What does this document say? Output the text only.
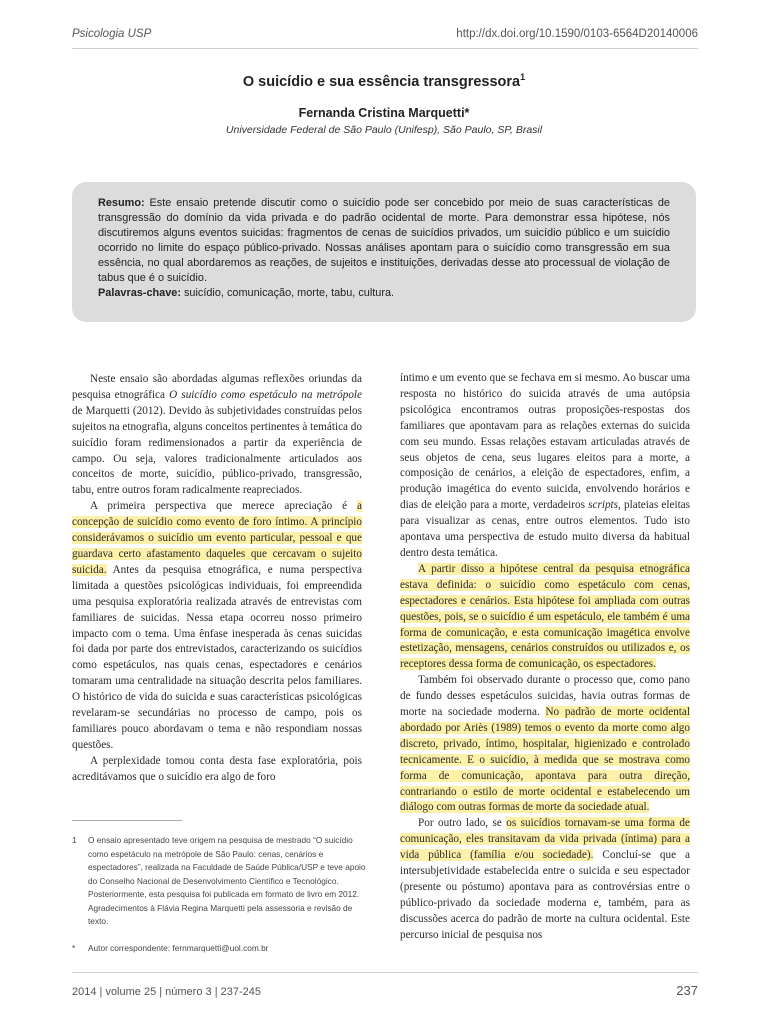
Psicologia USP	http://dx.doi.org/10.1590/0103-6564D20140006
O suicídio e sua essência transgressora$^1$
Fernanda Cristina Marquetti*
Universidade Federal de São Paulo (Unifesp), São Paulo, SP, Brasil
Resumo: Este ensaio pretende discutir como o suicídio pode ser concebido por meio de suas características de transgressão do domínio da vida privada e do padrão ocidental de morte. Para demonstrar essa hipótese, nós discutiremos alguns eventos suicidas: fragmentos de cenas de suicídios privados, um suicídio público e um suicídio ocorrido no limite do espaço público-privado. Nossas análises apontam para o suicídio como transgressão em sua essência, no qual abordaremos as reações, de sujeitos e instituições, derivadas desse ato processual de violação de tabus que é o suicídio.
Palavras-chave: suicídio, comunicação, morte, tabu, cultura.

Neste ensaio são abordadas algumas reflexões oriundas da pesquisa etnográfica O suicídio como espetáculo na metrópole de Marquetti (2012). Devido às subjetividades construídas pelos sujeitos na etnografia, alguns conceitos pertinentes à temática do suicídio foram redimensionados a partir da experiência de campo. Ou seja, valores tradicionalmente articulados aos conceitos de morte, suicídio, público-privado, transgressão, tabu, entre outros foram radicalmente reapreciados.

A primeira perspectiva que merece apreciação é a concepção de suicídio como evento de foro íntimo. A princípio considerávamos o suicídio um evento particular, pessoal e que guardava certo afastamento daqueles que cercavam o sujeito suicida. Antes da pesquisa etnográfica, e numa perspectiva limitada a questões psicológicas individuais, foi empreendida uma pesquisa exploratória realizada através de entrevistas com familiares de suicidas. Nessa etapa ocorreu nosso primeiro impacto com o tema. Uma ênfase inesperada às cenas suicidas foi dada por parte dos entrevistados, caracterizando os suicídios como espetáculos, nas quais cenas, espectadores e cenários tomaram uma centralidade na situação descrita pelos familiares. O histórico de vida do suicida e suas características psicológicas revelaram-se secundárias no processo de campo, pois os familiares pouco abordavam o tema e não respondiam nossas questões.

A perplexidade tomou conta desta fase exploratória, pois acreditávamos que o suicídio era algo de foro

íntimo e um evento que se fechava em si mesmo. Ao buscar uma resposta no histórico do suicida através de uma autópsia psicológica encontramos outras proposições-respostas dos familiares que apontavam para as relações externas do suicida com seu mundo. Essas relações estavam articuladas através de seus objetos de cena, seus lugares eleitos para a morte, a composição de cenários, a eleição de espectadores, enfim, a produção imagética do evento suicida, envolvendo horários e dias de eleição para a morte, verdadeiros scripts, plateias eleitas para visualizar as cenas, entre outros elementos. Tudo isto apontava uma perspectiva de estudo muito diversa da habitual dentro desta temática.

A partir disso a hipótese central da pesquisa etnográfica estava definida: o suicídio como espetáculo com cenas, espectadores e cenários. Esta hipótese foi ampliada com outras questões, pois, se o suicídio é um espetáculo, ele também é uma forma de comunicação, e esta comunicação imagética envolve estetização, mensagens, cenários construídos ou utilizados e, os receptores dessa forma de comunicação, os espectadores.

Também foi observado durante o processo que, como pano de fundo desses espetáculos suicidas, havia outras formas de morte na sociedade moderna. No padrão de morte ocidental abordado por Ariès (1989) temos o evento da morte como algo discreto, privado, íntimo, hospitalar, higienizado e controlado tecnicamente. E o suicídio, à medida que se mostrava como forma de comunicação, apontava para outra direção, contrariando o estilo de morte ocidental e estabelecendo um diálogo com outras formas de morte da sociedade atual.

Por outro lado, se os suicídios tornavam-se uma forma de comunicação, eles transitavam da vida privada (íntima) para a vida pública (família e/ou sociedade). Concluí-se que a intersubjetividade estabelecida entre o suicida e seu espectador (presente ou póstumo) apontava para as controvérsias entre o público-privado da sociedade moderna e, também, para as discussões acerca do padrão de morte na cultura ocidental. Este percurso inicial de pesquisa nos

1	O ensaio apresentado teve origem na pesquisa de mestrado “O suicídio como espetáculo na metrópole de São Paulo: cenas, cenários e espectadores”, realizada na Faculdade de Saúde Pública/USP e teve apoio do Conselho Nacional de Desenvolvimento Científico e Tecnológico. Posteriormente, esta pesquisa foi publicada em formato de livro em 2012. Agradecimentos à Flávia Regina Marquetti pela assessoria e revisão de texto.
*	Autor correspondente: fernmarquetti@uol.com.br
2014 | volume 25 | número 3 | 237-245	237
